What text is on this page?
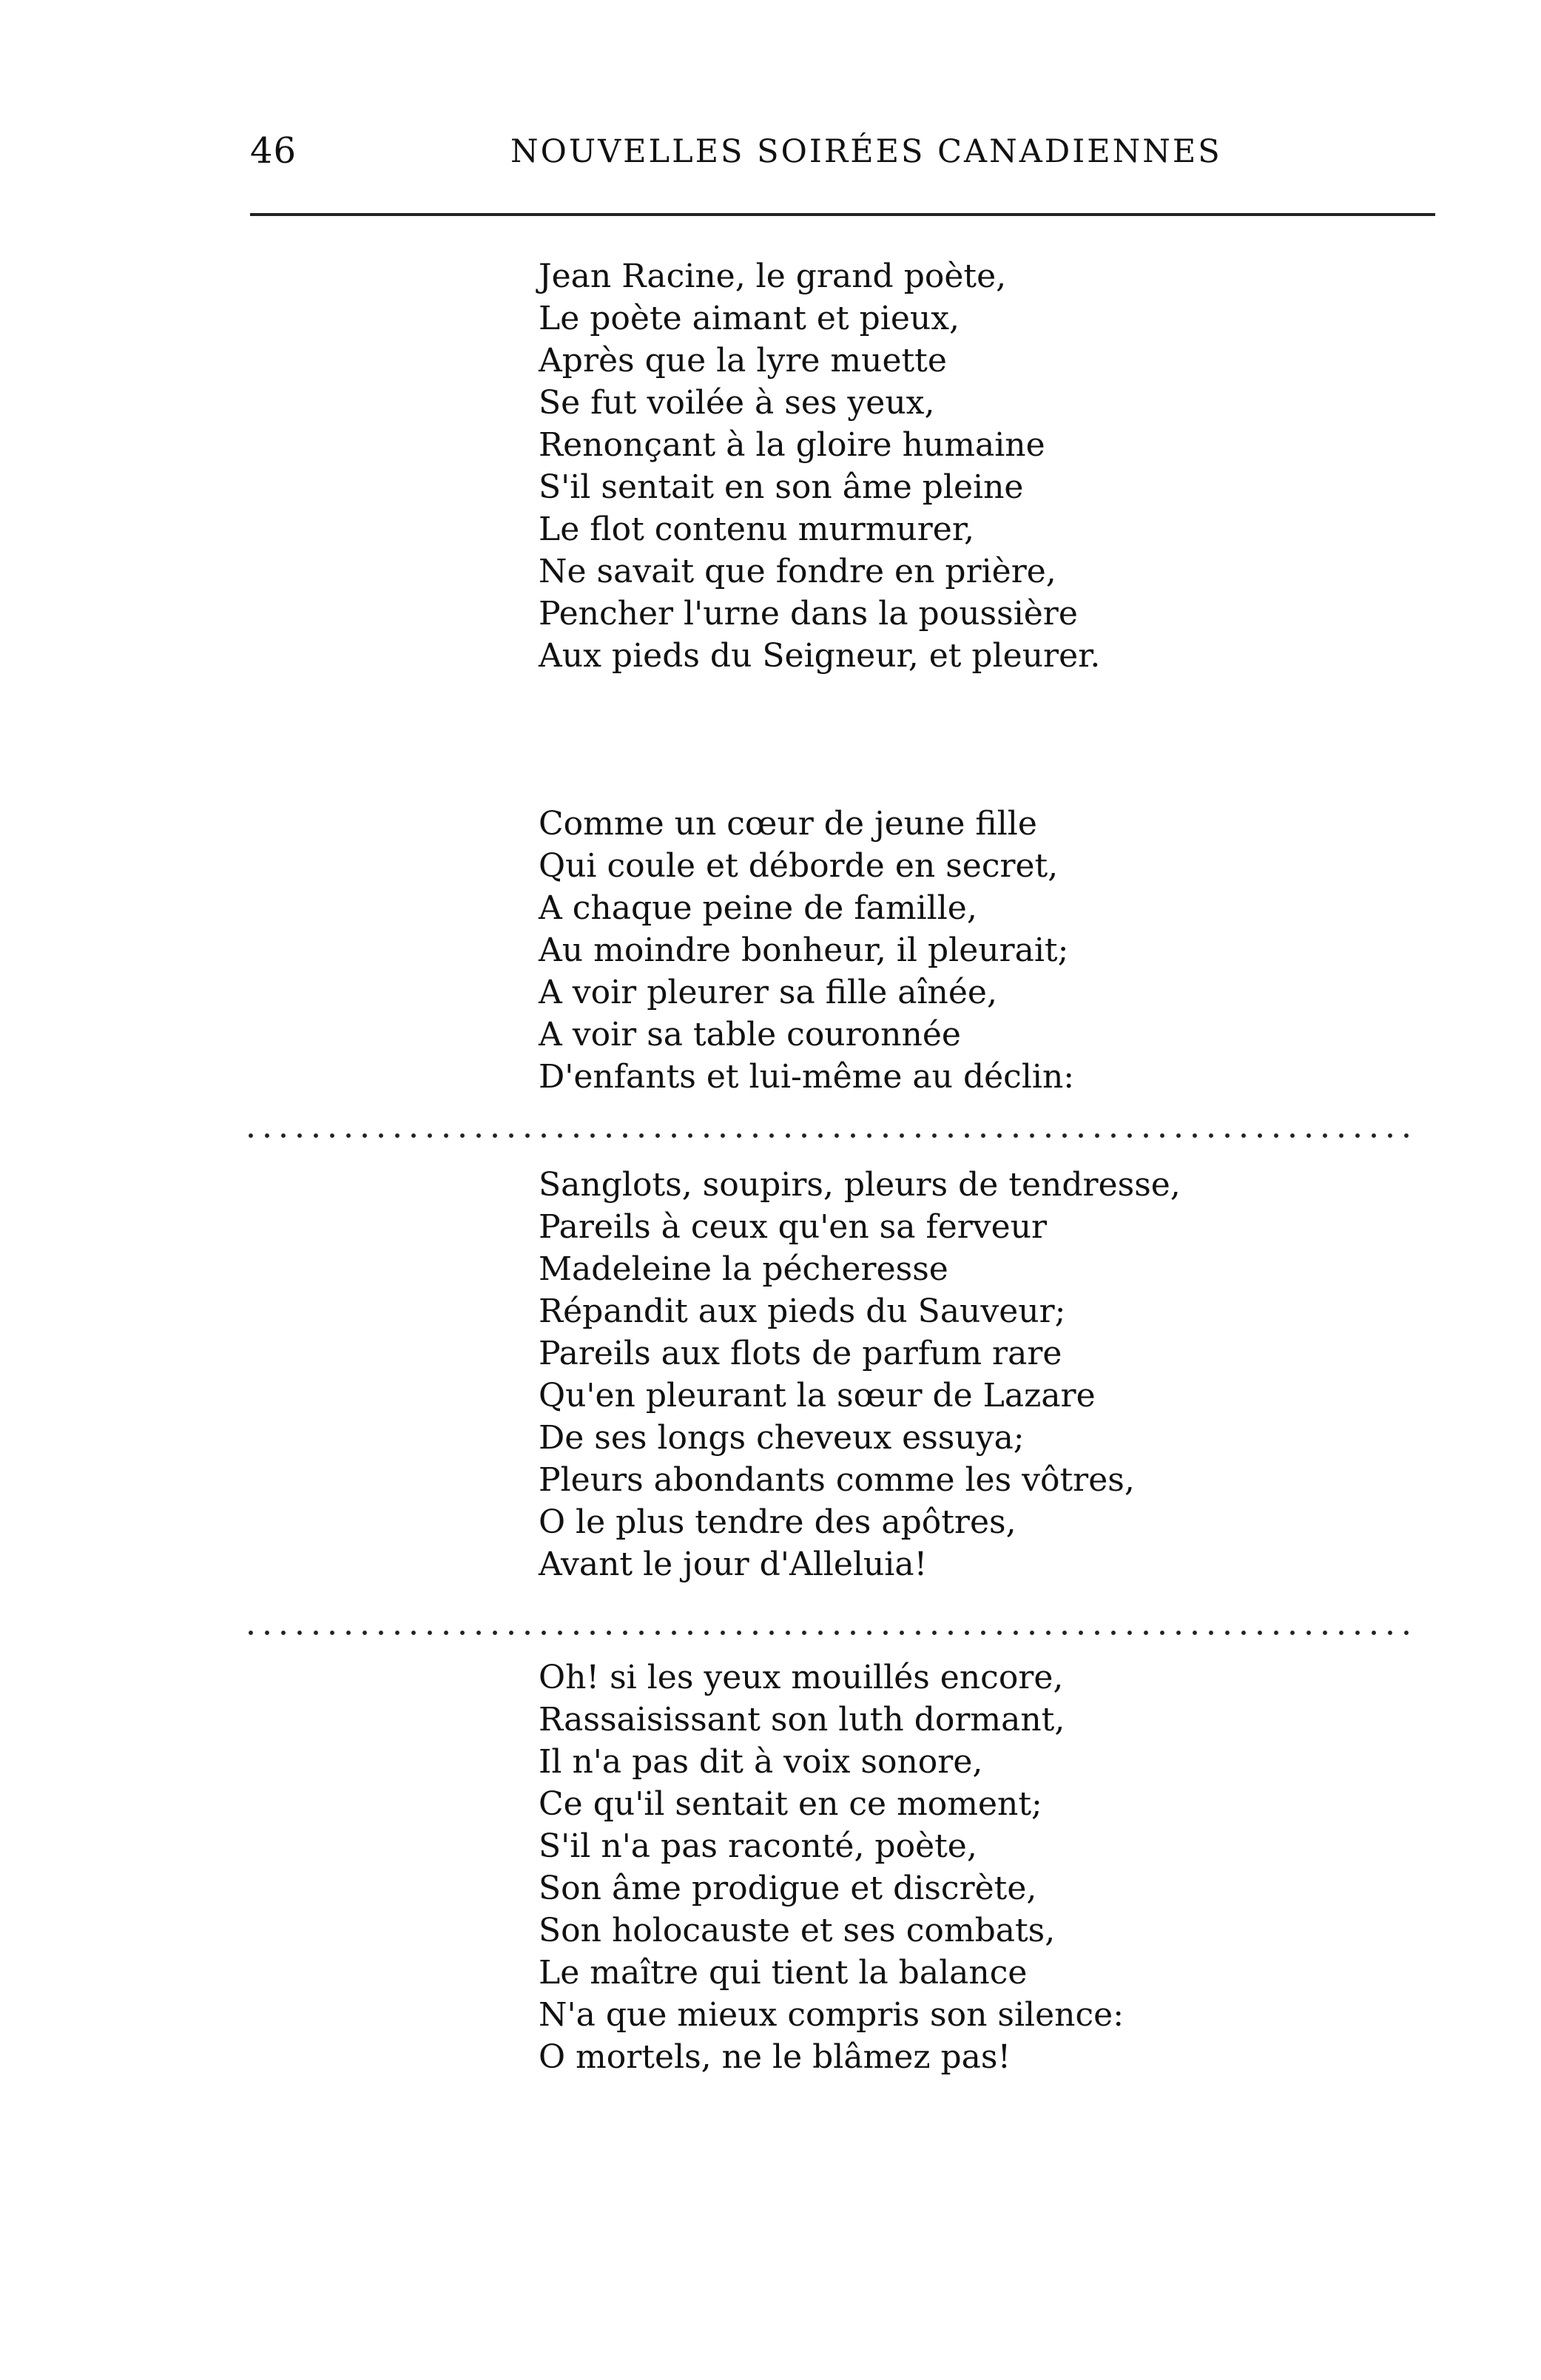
46	NOUVELLES SOIRÉES CANADIENNES
Jean Racine, le grand poète,
Le poète aimant et pieux,
Après que la lyre muette
Se fut voilée à ses yeux,
Renonçant à la gloire humaine
S'il sentait en son âme pleine
Le flot contenu murmurer,
Ne savait que fondre en prière,
Pencher l'urne dans la poussière
Aux pieds du Seigneur, et pleurer.
Comme un cœur de jeune fille
Qui coule et déborde en secret,
A chaque peine de famille,
Au moindre bonheur, il pleurait;
A voir pleurer sa fille aînée,
A voir sa table couronnée
D'enfants et lui-même au déclin:
Sanglots, soupirs, pleurs de tendresse,
Pareils à ceux qu'en sa ferveur
Madeleine la pécheresse
Répandit aux pieds du Sauveur;
Pareils aux flots de parfum rare
Qu'en pleurant la sœur de Lazare
De ses longs cheveux essuya;
Pleurs abondants comme les vôtres,
O le plus tendre des apôtres,
Avant le jour d'Alleluia!
Oh! si les yeux mouillés encore,
Rassaisissant son luth dormant,
Il n'a pas dit à voix sonore,
Ce qu'il sentait en ce moment;
S'il n'a pas raconté, poète,
Son âme prodigue et discrète,
Son holocauste et ses combats,
Le maître qui tient la balance
N'a que mieux compris son silence:
O mortels, ne le blâmez pas!
